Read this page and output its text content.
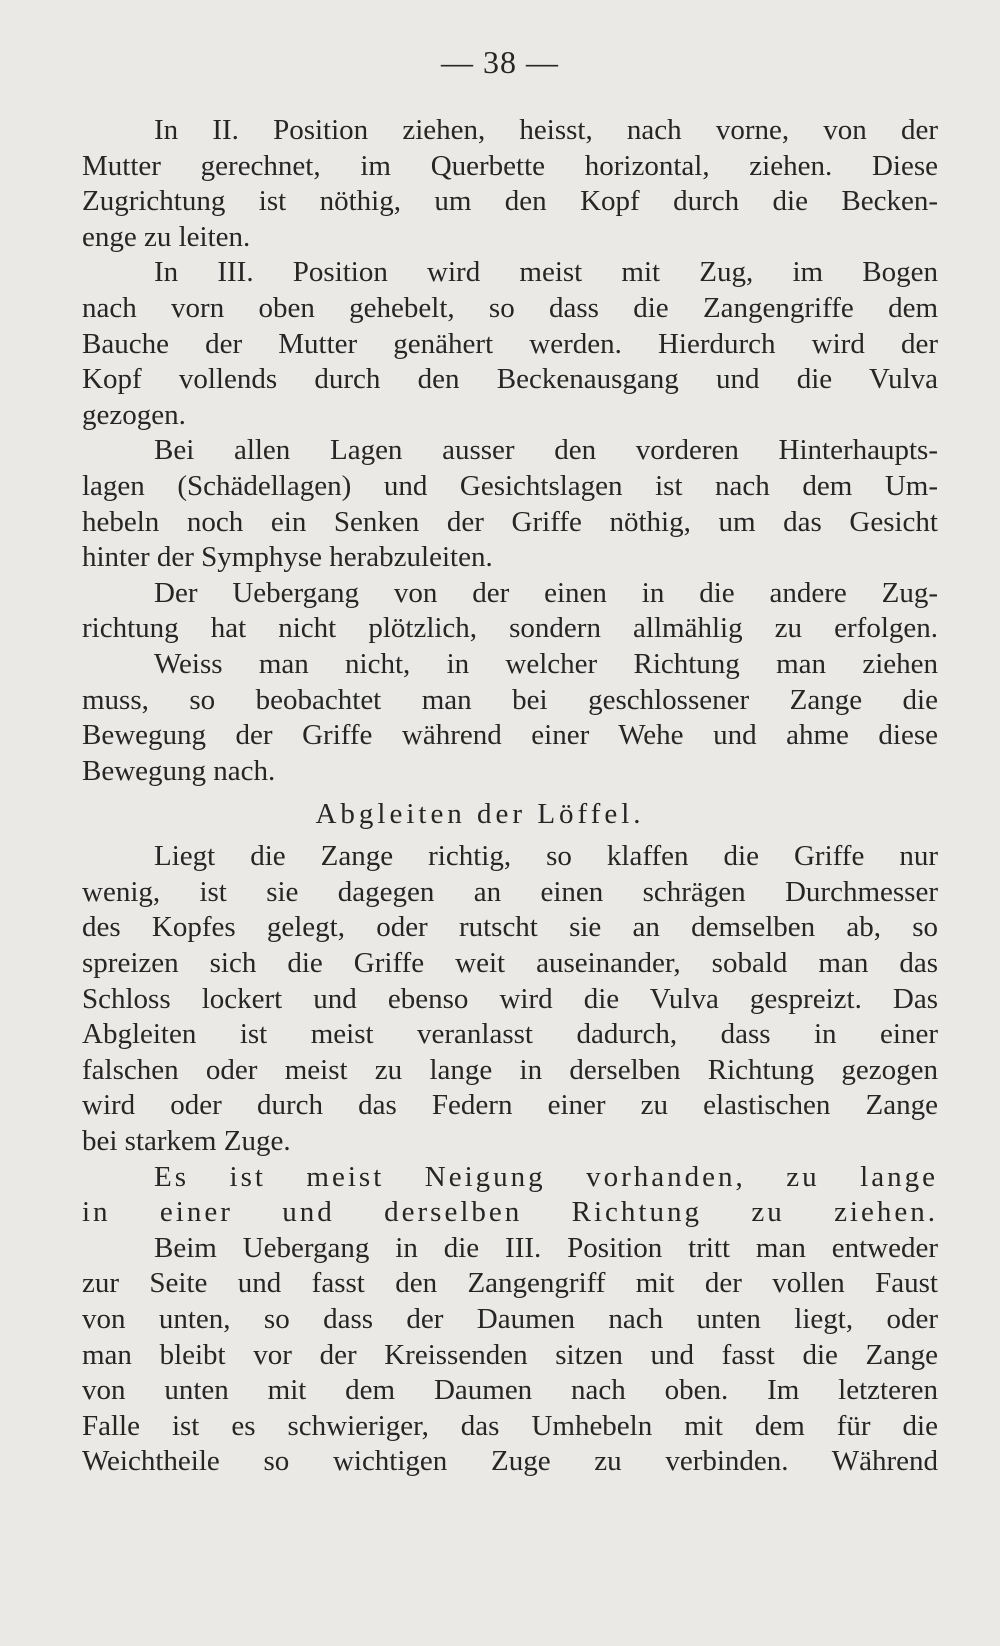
— 38 —
In II. Position ziehen, heisst, nach vorne, von der
Mutter gerechnet, im Querbette horizontal, ziehen. Diese
Zugrichtung ist nöthig, um den Kopf durch die Becken-
enge zu leiten.
In III. Position wird meist mit Zug, im Bogen
nach vorn oben gehebelt, so dass die Zangengriffe dem
Bauche der Mutter genähert werden. Hierdurch wird der
Kopf vollends durch den Beckenausgang und die Vulva
gezogen.
Bei allen Lagen ausser den vorderen Hinterhaupts-
lagen (Schädellagen) und Gesichtslagen ist nach dem Um-
hebeln noch ein Senken der Griffe nöthig, um das Gesicht
hinter der Symphyse herabzuleiten.
Der Uebergang von der einen in die andere Zug-
richtung hat nicht plötzlich, sondern allmählig zu erfolgen.
Weiss man nicht, in welcher Richtung man ziehen
muss, so beobachtet man bei geschlossener Zange die
Bewegung der Griffe während einer Wehe und ahme diese
Bewegung nach.
Abgleiten der Löffel.
Liegt die Zange richtig, so klaffen die Griffe nur
wenig, ist sie dagegen an einen schrägen Durchmesser
des Kopfes gelegt, oder rutscht sie an demselben ab, so
spreizen sich die Griffe weit auseinander, sobald man das
Schloss lockert und ebenso wird die Vulva gespreizt. Das
Abgleiten ist meist veranlasst dadurch, dass in einer
falschen oder meist zu lange in derselben Richtung gezogen
wird oder durch das Federn einer zu elastischen Zange
bei starkem Zuge.
Es ist meist Neigung vorhanden, zu lange
in einer und derselben Richtung zu ziehen.
Beim Uebergang in die III. Position tritt man entweder
zur Seite und fasst den Zangengriff mit der vollen Faust
von unten, so dass der Daumen nach unten liegt, oder
man bleibt vor der Kreissenden sitzen und fasst die Zange
von unten mit dem Daumen nach oben. Im letzteren
Falle ist es schwieriger, das Umhebeln mit dem für die
Weichtheile so wichtigen Zuge zu verbinden. Während
